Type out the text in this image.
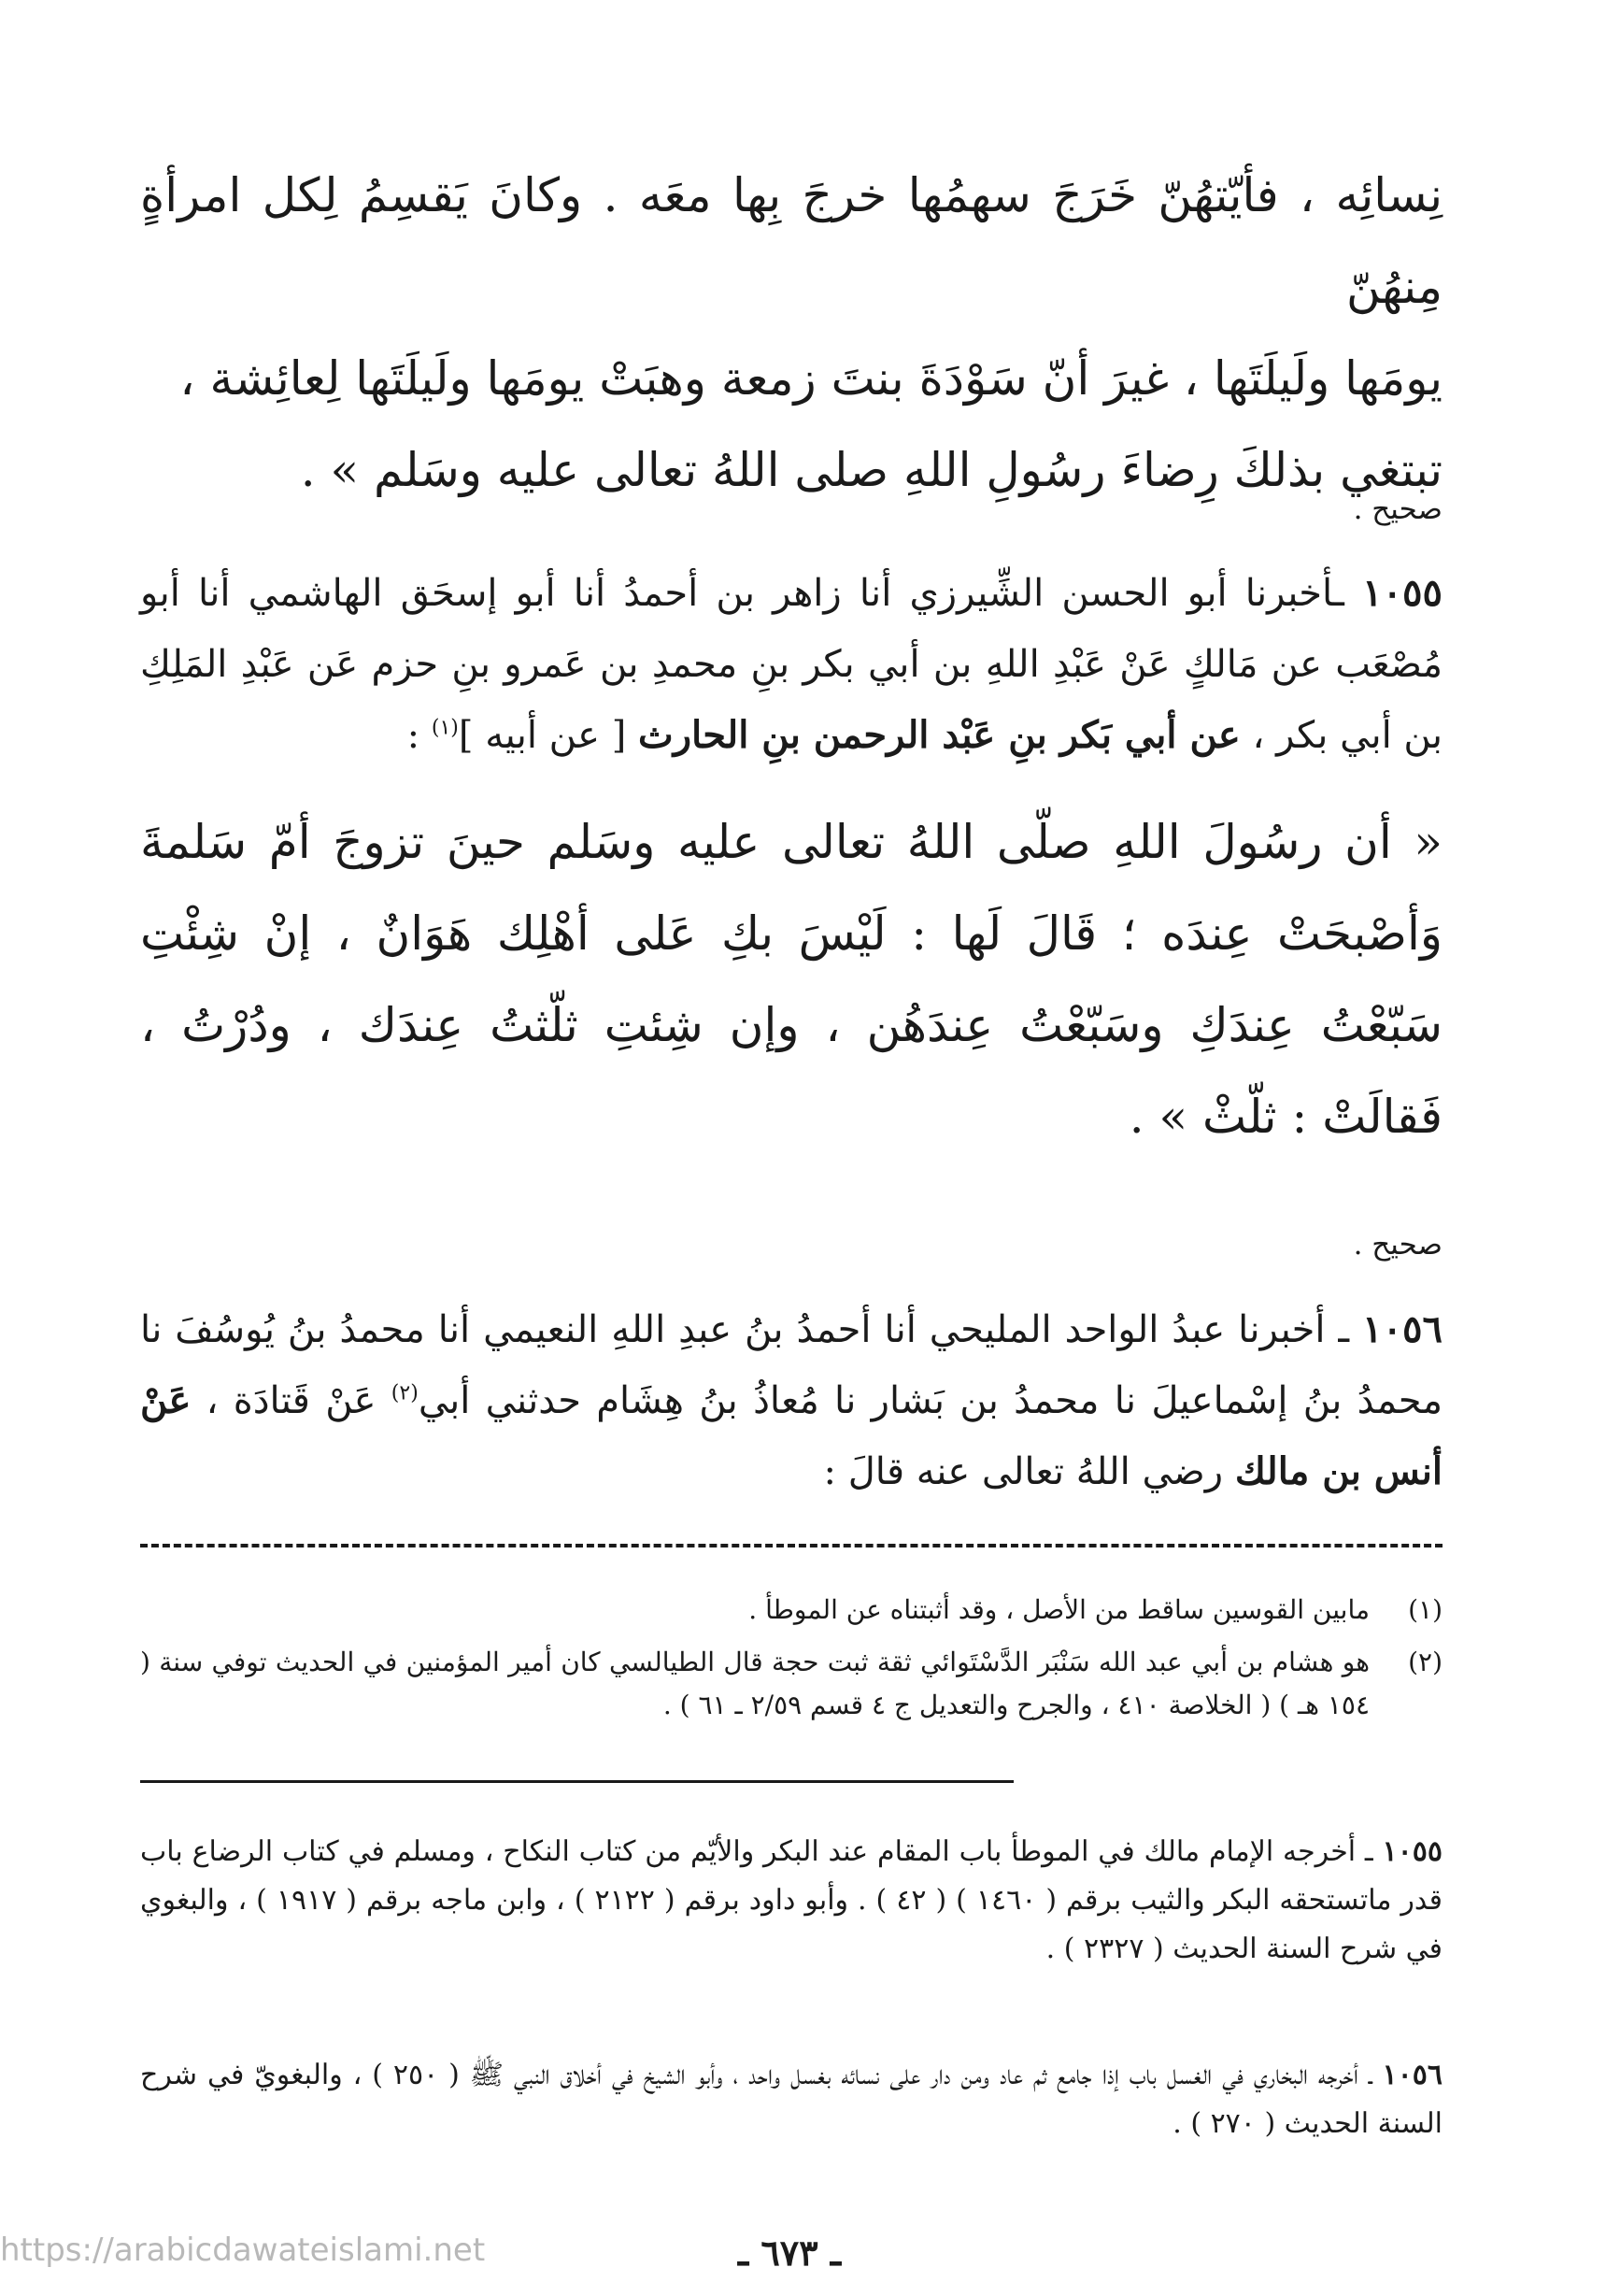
نِسائِه ، فأيّتهُنّ خَرَجَ سهمُها خرجَ بِها معَه . وكانَ يَقسِمُ لِكل امرأةٍ مِنهُنّ
يومَها ولَيلَتَها ، غيرَ أنّ سَوْدَةَ بنتَ زمعة وهبَتْ يومَها ولَيلَتَها لِعائِشة ،
تبتغي بذلكَ رِضاءَ رسُولِ اللهِ صلى اللهُ تعالى عليه وسَلم » .
صحيح .
١٠٥٥ ـأخبرنا أبو الحسن الشِّيرزي أنا زاهر بن أحمدُ أنا أبو إسحَق الهاشمي أنا أبو مُصْعَب عن مَالكٍ عَنْ عَبْدِ اللهِ بن أبي بكر بنِ محمدِ بن عَمرو بنِ حزم عَن عَبْدِ المَلِكِ بن أبي بكر ، عن أبي بَكر بنِ عَبْد الرحمن بنِ الحارث [ عن أبيه ]$^{(١)}$ :
« أن رسُولَ اللهِ صلّى اللهُ تعالى عليه وسَلم حينَ تزوجَ أمّ سَلمةَ وَأصْبحَتْ عِندَه ؛ قَالَ لَها : لَيْسَ بكِ عَلى أهْلِك هَوَانٌ ، إنْ شِئْتِ سَبّعْتُ عِندَكِ وسَبّعْتُ عِندَهُن ، وإن شِئتِ ثلّثتُ عِندَك ، ودُرْتُ ، فَقالَتْ : ثلّثْ » .
صحيح .
١٠٥٦ ـ أخبرنا عبدُ الواحد المليحي أنا أحمدُ بنُ عبدِ اللهِ النعيمي أنا محمدُ بنُ يُوسُفَ نا محمدُ بنُ إسْماعيلَ نا محمدُ بن بَشار نا مُعاذُ بنُ هِشَام حدثني أبي$^{(٢)}$ عَنْ قَتادَة ، عَنْ أنس بن مالك رضي اللهُ تعالى عنه قالَ :
(١)
مابين القوسين ساقط من الأصل ، وقد أثبتناه عن الموطأ .
(٢)
هو هشام بن أبي عبد الله سَنْبَر الدَّسْتَوائي ثقة ثبت حجة قال الطيالسي كان أمير المؤمنين في الحديث توفي سنة ( ١٥٤ هـ ) ( الخلاصة ٤١٠ ، والجرح والتعديل ج ٤ قسم ٢/٥٩ ـ ٦١ ) .
١٠٥٥ ـ أخرجه الإمام مالك في الموطأ باب المقام عند البكر والأيّم من كتاب النكاح ، ومسلم في كتاب الرضاع باب قدر ماتستحقه البكر والثيب برقم ( ١٤٦٠ ) ( ٤٢ ) . وأبو داود برقم ( ٢١٢٢ ) ، وابن ماجه برقم ( ١٩١٧ ) ، والبغوي في شرح السنة الحديث ( ٢٣٢٧ ) .
١٠٥٦ ـ أخرجه البخاري في الغسل باب إذا جامع ثم عاد ومن دار على نسائه بغسل واحد ، وأبو الشيخ في أخلاق النبي ﷺ ( ٢٥٠ ) ، والبغويّ في شرح السنة الحديث ( ٢٧٠ ) .
ـ ٦٧٣ ـ
https://arabicdawateislami.net
